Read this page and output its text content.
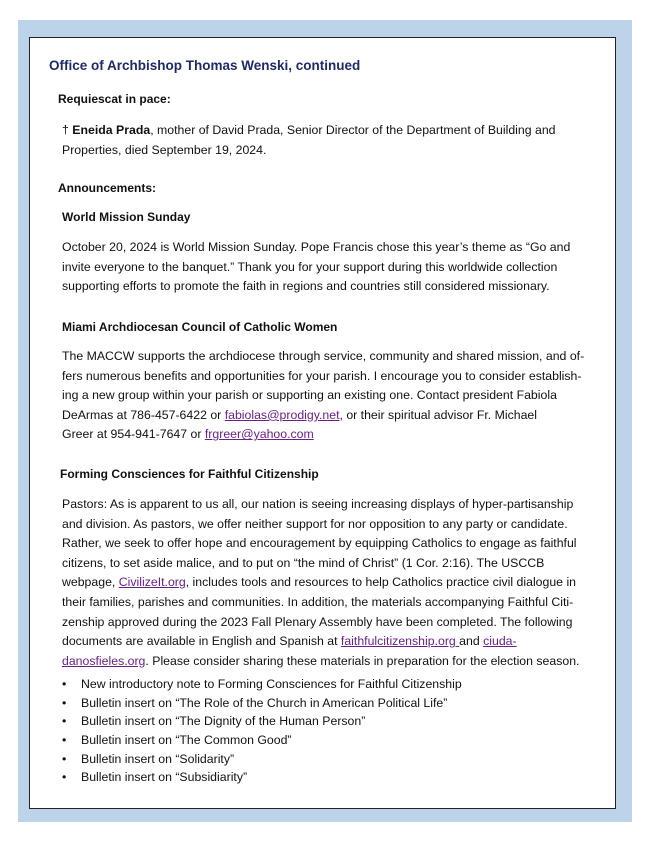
Office of Archbishop Thomas Wenski, continued
Requiescat in pace:
† Eneida Prada, mother of David Prada, Senior Director of the Department of Building and
Properties, died September 19, 2024.
Announcements:
World Mission Sunday
October 20, 2024 is World Mission Sunday. Pope Francis chose this year’s theme as “Go and
invite everyone to the banquet.” Thank you for your support during this worldwide collection
supporting efforts to promote the faith in regions and countries still considered missionary.
Miami Archdiocesan Council of Catholic Women
The MACCW supports the archdiocese through service, community and shared mission, and of-
fers numerous benefits and opportunities for your parish. I encourage you to consider establish-
ing a new group within your parish or supporting an existing one. Contact president Fabiola
DeArmas at 786-457-6422 or fabiolas@prodigy.net, or their spiritual advisor Fr. Michael
Greer at 954-941-7647 or frgreer@yahoo.com
Forming Consciences for Faithful Citizenship
Pastors: As is apparent to us all, our nation is seeing increasing displays of hyper-partisanship
and division. As pastors, we offer neither support for nor opposition to any party or candidate.
Rather, we seek to offer hope and encouragement by equipping Catholics to engage as faithful
citizens, to set aside malice, and to put on “the mind of Christ” (1 Cor. 2:16). The USCCB
webpage, CivilizeIt.org, includes tools and resources to help Catholics practice civil dialogue in
their families, parishes and communities. In addition, the materials accompanying Faithful Citi-
zenship approved during the 2023 Fall Plenary Assembly have been completed. The following
documents are available in English and Spanish at faithfulcitizenship.org and ciuda-
danosfieles.org. Please consider sharing these materials in preparation for the election season.
•	New introductory note to Forming Consciences for Faithful Citizenship
•	Bulletin insert on “The Role of the Church in American Political Life”
•	Bulletin insert on “The Dignity of the Human Person”
•	Bulletin insert on “The Common Good”
•	Bulletin insert on “Solidarity”
•	Bulletin insert on “Subsidiarity”
